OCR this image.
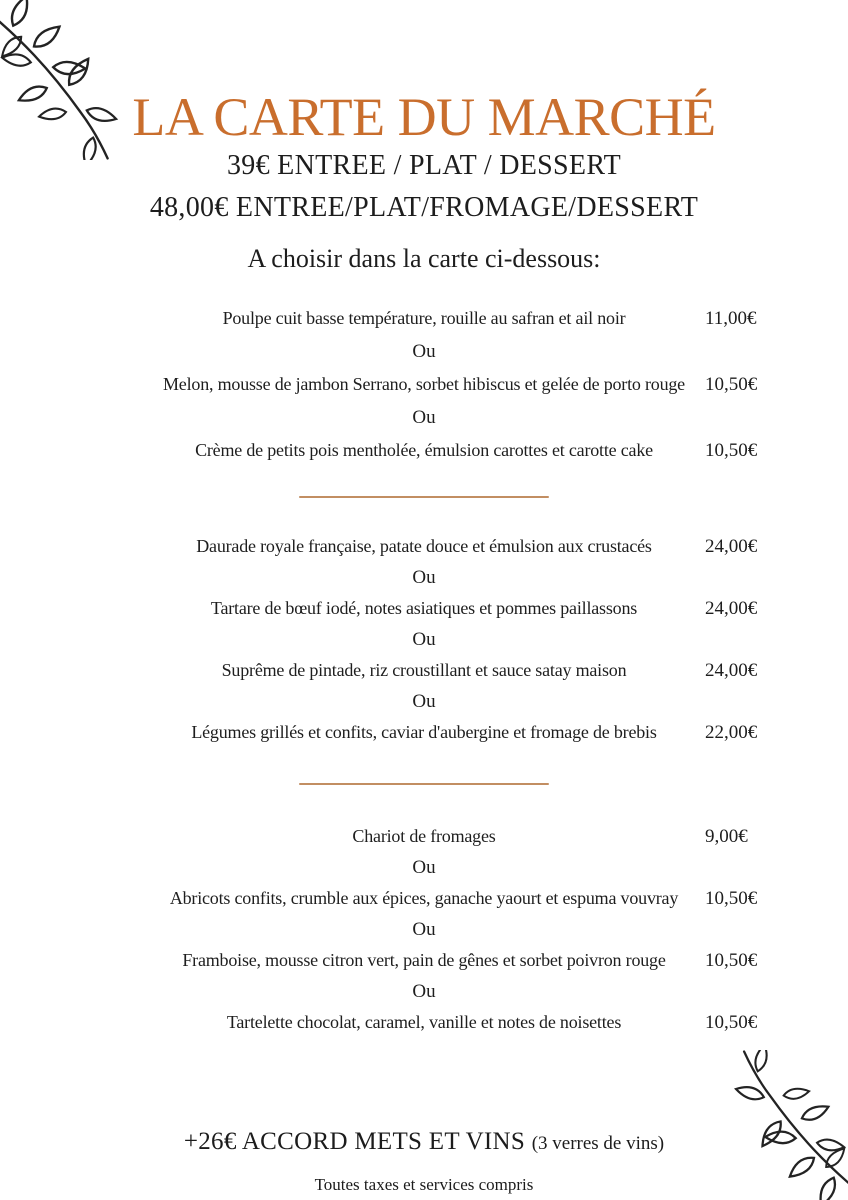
LA CARTE DU MARCHÉ
39€ ENTREE / PLAT / DESSERT
48,00€ ENTREE/PLAT/FROMAGE/DESSERT
A choisir dans la carte ci-dessous:
Poulpe cuit basse température, rouille au safran et ail noir	11,00€
Ou
Melon, mousse de jambon Serrano, sorbet hibiscus et gelée de porto rouge 10,50€
Ou
Crème de petits pois mentholée, émulsion carottes et carotte cake	10,50€
Daurade royale française, patate douce et émulsion aux crustacés	24,00€
Ou
Tartare de bœuf iodé, notes asiatiques et pommes paillassons	24,00€
Ou
Suprême de pintade, riz croustillant et sauce satay maison	24,00€
Ou
Légumes grillés et confits, caviar d'aubergine et fromage de brebis	22,00€
Chariot de fromages	9,00€
Ou
Abricots confits, crumble aux épices, ganache yaourt et espuma vouvray 10,50€
Ou
Framboise, mousse citron vert, pain de gênes et sorbet poivron rouge 10,50€
Ou
Tartelette chocolat, caramel, vanille et notes de noisettes	10,50€
+26€ ACCORD METS ET VINS (3 verres de vins)
Toutes taxes et services compris
